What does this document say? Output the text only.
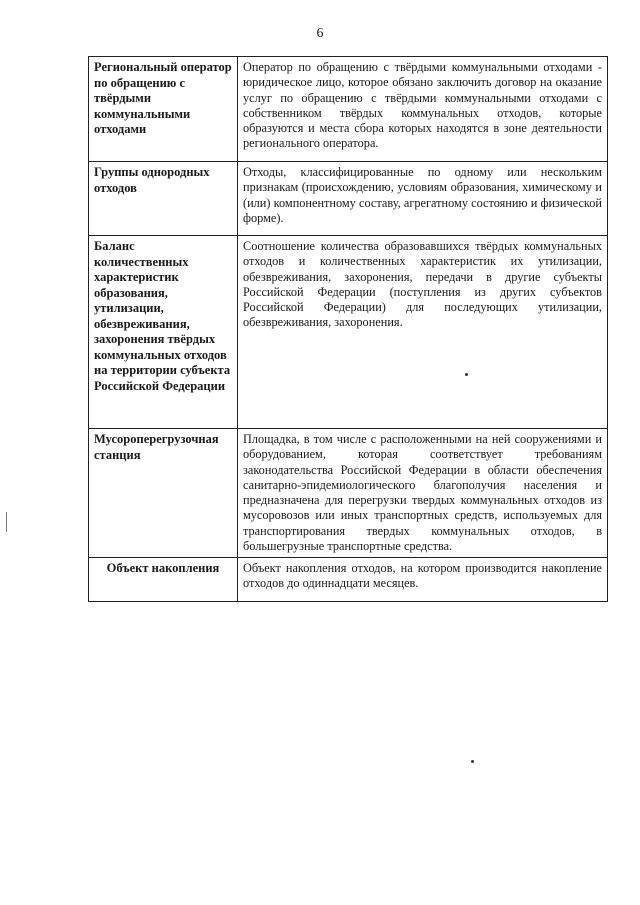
6
Региональный оператор по обращению с твёрдыми коммунальными отходами	Оператор по обращению с твёрдыми коммунальными отходами - юридическое лицо, которое обязано заключить договор на оказание услуг по обращению с твёрдыми коммунальными отходами с собственником твёрдых коммунальных отходов, которые образуются и места сбора которых находятся в зоне деятельности регионального оператора.
Группы однородных отходов	Отходы, классифицированные по одному или нескольким признакам (происхождению, условиям образования, химическому и (или) компонентному составу, агрегатному состоянию и физической форме).
Баланс количественных характеристик образования, утилизации, обезвреживания, захоронения твёрдых коммунальных отходов на территории субъекта Российской Федерации	Соотношение количества образовавшихся твёрдых коммунальных отходов и количественных характеристик их утилизации, обезвреживания, захоронения, передачи в другие субъекты Российской Федерации (поступления из других субъектов Российской Федерации) для последующих утилизации, обезвреживания, захоронения.
Мусороперегрузочная станция	Площадка, в том числе с расположенными на ней сооружениями и оборудованием, которая соответствует требованиям законодательства Российской Федерации в области обеспечения санитарно-эпидемиологического благополучия населения и предназначена для перегрузки твердых коммунальных отходов из мусоровозов или иных транспортных средств, используемых для транспортирования твердых коммунальных отходов, в большегрузные транспортные средства.

Объект накопления	Объект накопления отходов, на котором производится накопление отходов до одиннадцати месяцев.
